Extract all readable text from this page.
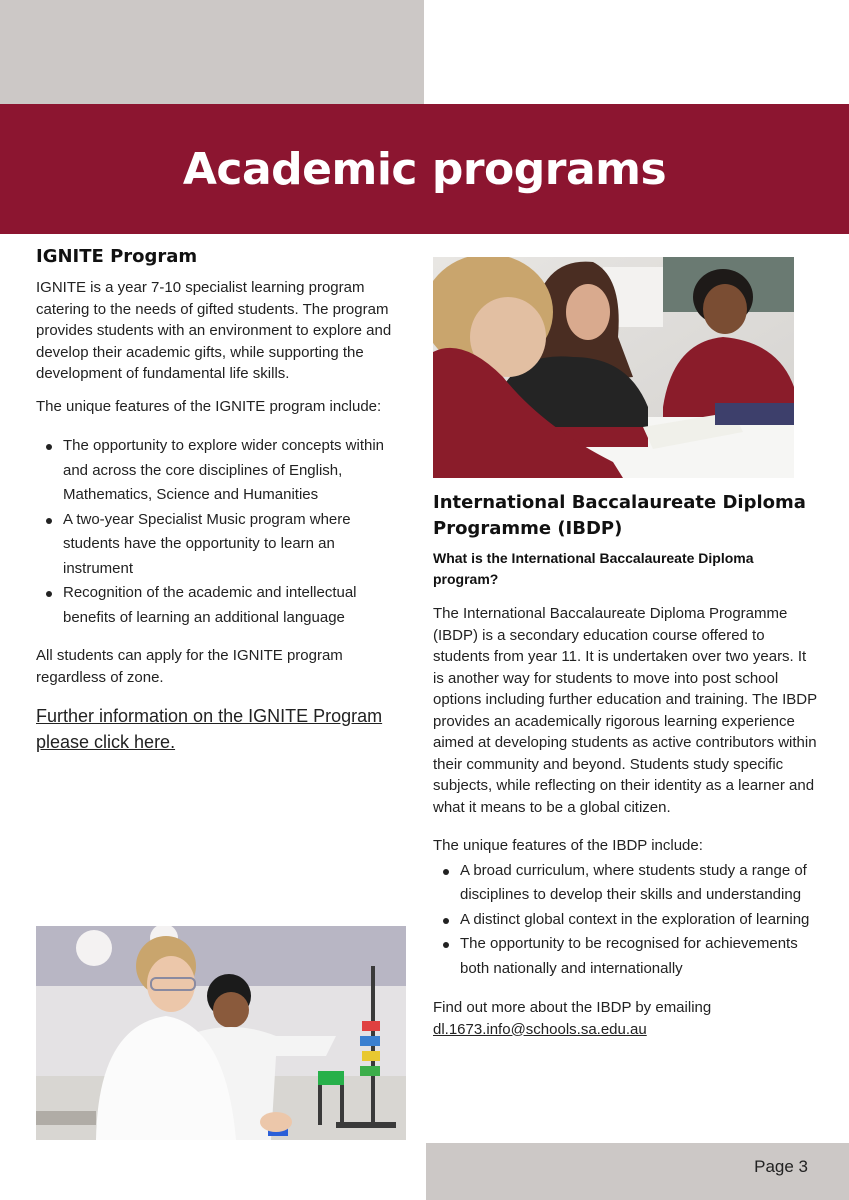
Academic programs
IGNITE Program

IGNITE is a year 7-10 specialist learning program catering to the needs of gifted students. The program provides students with an environment to explore and develop their academic gifts, while supporting the development of fundamental life skills.

The unique features of the IGNITE program include:

The opportunity to explore wider concepts within and across the core disciplines of English, Mathematics, Science and Humanities
A two-year Specialist Music program where students have the opportunity to learn an instrument
Recognition of the academic and intellectual benefits of learning an additional language

All students can apply for the IGNITE program regardless of zone.

Further information on the IGNITE Program please click here.
International Baccalaureate Diploma Programme (IBDP)

What is the International Baccalaureate Diploma program?

The International Baccalaureate Diploma Programme (IBDP) is a secondary education course offered to students from year 11. It is undertaken over two years. It is another way for students to move into post school options including further education and training. The IBDP provides an academically rigorous learning experience aimed at developing students as active contributors within their community and beyond. Students study specific subjects, while reflecting on their identity as a learner and what it means to be a global citizen.

The unique features of the IBDP include:

A broad curriculum, where students study a range of disciplines to develop their skills and understanding
A distinct global context in the exploration of learning
The opportunity to be recognised for achievements both nationally and internationally

Find out more about the IBDP by emailing
dl.1673.info@schools.sa.edu.au

Page 3
